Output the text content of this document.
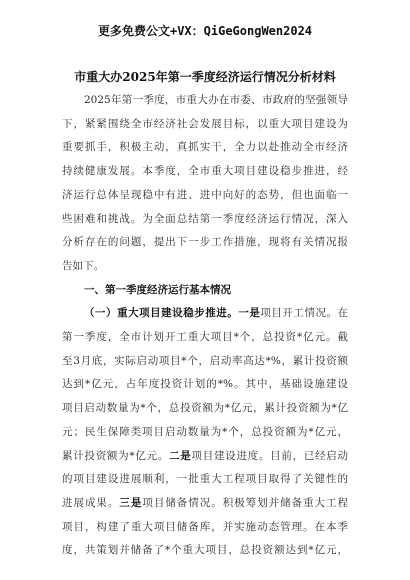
更多免费公文+VX：QiGeGongWen2024
市重大办2025年第一季度经济运行情况分析材料
2025年第一季度，市重大办在市委、市政府的坚强领导
下，紧紧围绕全市经济社会发展目标，以重大项目建设为
重要抓手，积极主动，真抓实干，全力以赴推动全市经济
持续健康发展。本季度，全市重大项目建设稳步推进，经
济运行总体呈现稳中有进、进中向好的态势，但也面临一
些困难和挑战。为全面总结第一季度经济运行情况，深入
分析存在的问题，提出下一步工作措施，现将有关情况报
告如下。
一、第一季度经济运行基本情况
（一）重大项目建设稳步推进。一是项目开工情况。在
第一季度，全市计划开工重大项目*个，总投资*亿元。截
至3月底，实际启动项目*个，启动率高达*%，累计投资额
达到*亿元，占年度投资计划的*%。其中，基础设施建设
项目启动数量为*个，总投资额为*亿元，累计投资额为*亿
元；民生保障类项目启动数量为*个，总投资额为*亿元，
累计投资额为*亿元。二是项目建设进度。目前，已经启动
的项目建设进展顺利，一批重大工程项目取得了关键性的
进展成果。三是项目储备情况。积极筹划并储备重大工程
项目，构建了重大项目储备库，并实施动态管理。在本季
度，共策划并储备了*个重大项目，总投资额达到*亿元，
